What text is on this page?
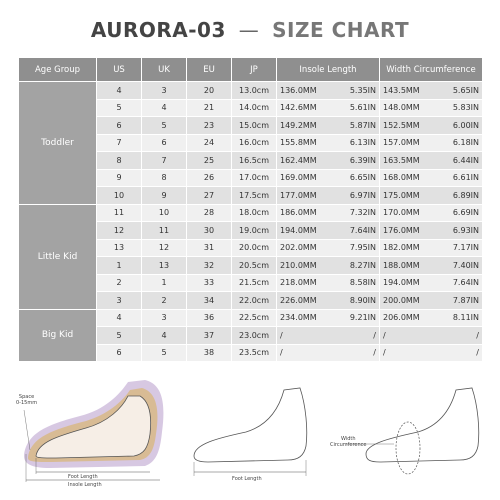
AURORA-03 — SIZE CHART
Age Group	US	UK	EU	JP	Insole Length	Width Circumference
Toddler	4	3	20	13.0cm	136.0MM 5.35IN	143.5MM 5.65IN

	5	4	21	14.0cm	142.6MM 5.61IN	148.0MM 5.83IN

	6	5	23	15.0cm	149.2MM 5.87IN	152.5MM 6.00IN

	7	6	24	16.0cm	155.8MM 6.13IN	157.0MM 6.18IN

	8	7	25	16.5cm	162.4MM 6.39IN	163.5MM 6.44IN

	9	8	26	17.0cm	169.0MM 6.65IN	168.0MM 6.61IN

	10	9	27	17.5cm	177.0MM 6.97IN	175.0MM 6.89IN

Little Kid	11	10	28	18.0cm	186.0MM 7.32IN	170.0MM 6.69IN

	12	11	30	19.0cm	194.0MM 7.64IN	176.0MM 6.93IN

	13	12	31	20.0cm	202.0MM 7.95IN	182.0MM 7.17IN

	1	13	32	20.5cm	210.0MM 8.27IN	188.0MM 7.40IN

	2	1	33	21.5cm	218.0MM 8.58IN	194.0MM 7.64IN

	3	2	34	22.0cm	226.0MM 8.90IN	200.0MM 7.87IN

Big Kid	4	3	36	22.5cm	234.0MM 9.21IN	206.0MM 8.11IN

	5	4	37	23.0cm	/ /	/ /

	6	5	38	23.5cm	/ /	/ /
Space
0-15mm
Foot Length
Insole Length
Foot Length
Width
Circumference
